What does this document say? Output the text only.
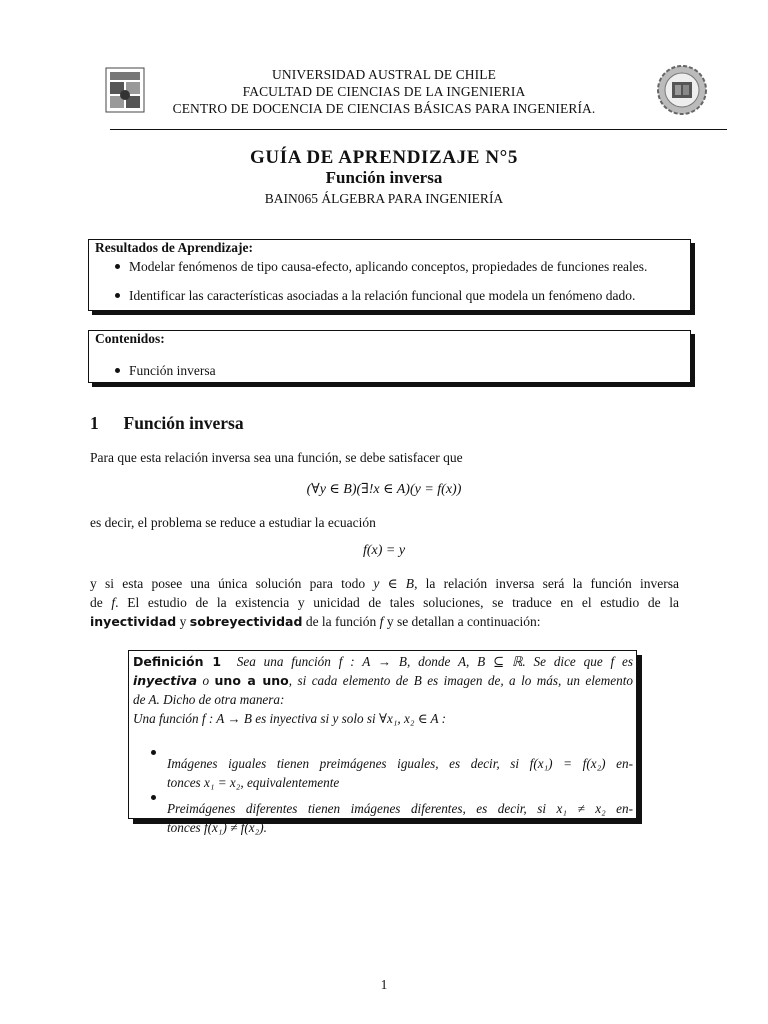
UNIVERSIDAD AUSTRAL DE CHILE
FACULTAD DE CIENCIAS DE LA INGENIERIA
CENTRO DE DOCENCIA DE CIENCIAS BÁSICAS PARA INGENIERÍA.
GUÍA DE APRENDIZAJE N°5
Función inversa
BAIN065 ÁLGEBRA PARA INGENIERÍA
Resultados de Aprendizaje:
Modelar fenómenos de tipo causa-efecto, aplicando conceptos, propiedades de funciones reales.
Identificar las características asociadas a la relación funcional que modela un fenómeno dado.
Contenidos:
Función inversa
1 Función inversa
Para que esta relación inversa sea una función, se debe satisfacer que
(∀y ∈ B)(∃!x ∈ A)(y = f(x))
es decir, el problema se reduce a estudiar la ecuación
f(x) = y
y si esta posee una única solución para todo y ∈ B, la relación inversa será la función inversa
de f. El estudio de la existencia y unicidad de tales soluciones, se traduce en el estudio de la
inyectividad y sobreyectividad de la función f y se detallan a continuación:
Definición 1 Sea una función f : A → B, donde A, B ⊆ ℝ. Se dice que f es
inyectiva o uno a uno, si cada elemento de B es imagen de, a lo más, un elemento
de A. Dicho de otra manera:
Una función f : A → B es inyectiva si y solo si ∀x₁, x₂ ∈ A :
Imágenes iguales tienen preimágenes iguales, es decir, si f(x₁) = f(x₂) en-
tonces x₁ = x₂, equivalentemente
Preimágenes diferentes tienen imágenes diferentes, es decir, si x₁ ≠ x₂ en-
tonces f(x₁) ≠ f(x₂).
1
